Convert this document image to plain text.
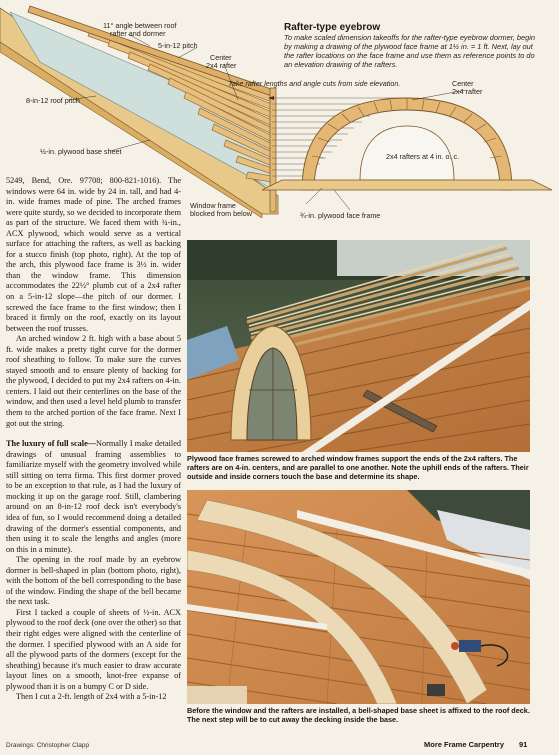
11° angle between roof
rafter and dormer
5-in-12 pitch
Center
2x4 rafter
8-in-12 roof pitch
½-in. plywood base sheet
Rafter-type eyebrow
To make scaled dimension takeoffs for the rafter-type eyebrow dormer, begin by making a drawing of the plywood face frame at 1½ in. = 1 ft. Next, lay out the rafter locations on the face frame and use them as reference points to do an elevation drawing of the rafters.
Take rafter lengths and angle cuts from side elevation.	Center
2x4 rafter
2x4 rafters at 4 in. o. c.
Window frame
blocked from below	¾-in. plywood face frame

5249, Bend, Ore. 97708; 800-821-1016). The windows were 64 in. wide by 24 in. tall, and had 4-in. wide frames made of pine. The arched frames were quite sturdy, so we decided to incorporate them as part of the structure. We faced them with ¾-in., ACX plywood, which would serve as a vertical surface for attaching the rafters, as well as backing for a stucco finish (top photo, right). At the top of the arch, this plywood face frame is 3½ in. wider than the window frame. This dimension accommodates the 22½° plumb cut of a 2x4 rafter on a 5-in-12 slope—the pitch of our dormer. I screwed the face frame to the first window; then I braced it firmly on the roof, exactly on its layout between the roof trusses.

An arched window 2 ft. high with a base about 5 ft. wide makes a pretty tight curve for the dormer roof sheathing to follow. To make sure the curves stayed smooth and to ensure plenty of backing for the plywood, I decided to put my 2x4 rafters on 4-in. centers. I laid out their centerlines on the base of the window, and then used a level held plumb to transfer them to the arched portion of the face frame. Next I got out the string.

The luxury of full scale—Normally I make detailed drawings of unusual framing assemblies to familiarize myself with the geometry involved while still sitting on terra firma. This first dormer proved to be an exception to that rule, as I had the luxury of mocking it up on the garage roof. Still, clambering around on an 8-in-12 roof deck isn't everybody's idea of fun, so I would recommend doing a detailed drawing of the dormer's essential components, and then using it to scale the lengths and angles (more on this in a minute).

The opening in the roof made by an eyebrow dormer is bell-shaped in plan (bottom photo, right), with the bottom of the bell corresponding to the base of the window. Finding the shape of the bell became the next task.

First I tacked a couple of sheets of ½-in. ACX plywood to the roof deck (one over the other) so that their right edges were aligned with the centerline of the dormer. I specified plywood with an A side for all the plywood parts of the dormers (except for the sheathing) because it's much easier to draw accurate layout lines on a smooth, knot-free expanse of plywood than it is on a bumpy C or D side.

Then I cut a 2-ft. length of 2x4 with a 5-in-12

Plywood face frames screwed to arched window frames support the ends of the 2x4 rafters. The rafters are on 4-in. centers, and are parallel to one another. Note the uphill ends of the rafters. Their outside and inside corners touch the base and determine its shape.
Before the window and the rafters are installed, a bell-shaped base sheet is affixed to the roof deck. The next step will be to cut away the decking inside the base.
Drawings: Christopher Clapp	More Frame Carpentry 91
